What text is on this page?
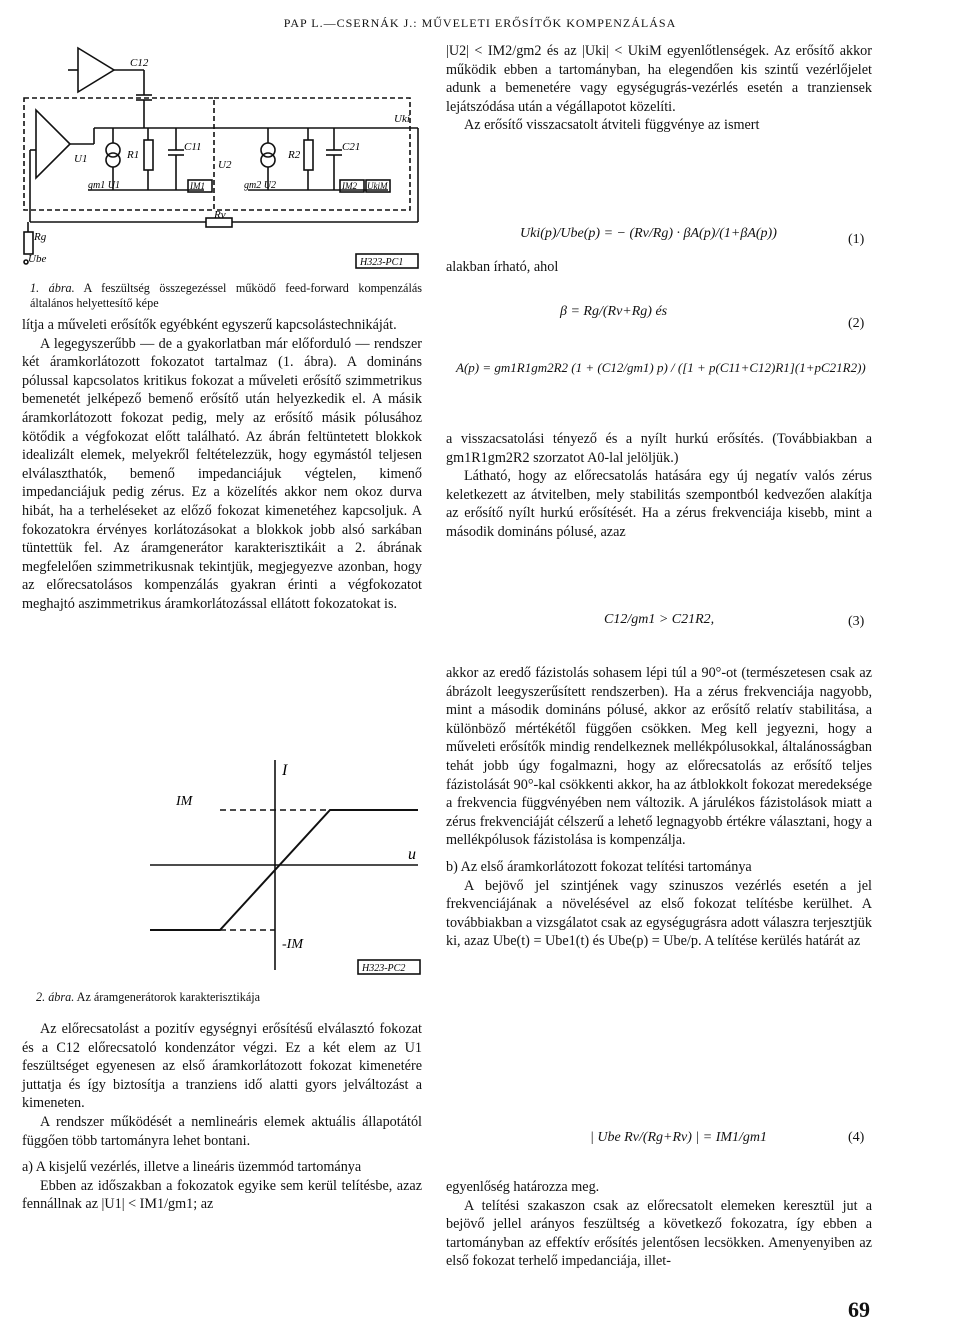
PAP L.—CSERNÁK J.: MŰVELETI ERŐSÍTŐK KOMPENZÁLÁSA
C12
Rg
Ube
Rv
U1	R1
C11
U2
R2
C21
Uki
gm1 U1	IM1	gm2 U2	IM2 UkiM
H323-PC1
1. ábra. A feszültség összegezéssel működő feed-forward kompenzálás általános helyettesítő képe

lítja a műveleti erősítők egyébként egyszerű kapcsolástechnikáját.

A legegyszerűbb — de a gyakorlatban már előforduló — rendszer két áramkorlátozott fokozatot tartalmaz (1. ábra). A domináns pólussal kapcsolatos kritikus fokozat a műveleti erősítő szimmetrikus bemenetét jelképező bemenő erősítő után helyezkedik el. A másik áramkorlátozott fokozat pedig, mely az erősítő másik pólusához kötődik a végfokozat előtt található. Az ábrán feltüntetett blokkok idealizált elemek, melyekről feltételezzük, hogy egymástól teljesen elválaszthatók, bemenő impedanciájuk végtelen, kimenő impedanciájuk pedig zérus. Ez a közelítés akkor nem okoz durva hibát, ha a terheléseket az előző fokozat kimenetéhez kapcsoljuk. A fokozatokra érvényes korlátozásokat a blokkok jobb alsó sarkában tüntettük fel. Az áramgenerátor karakterisztikáit a 2. ábrának megfelelően szimmetrikusnak tekintjük, megjegyezve azonban, hogy az előrecsatolásos kompenzálás gyakran érinti a végfokozatot meghajtó aszimmetrikus áramkorlátozással ellátott fokozatokat is.

I
IM
-IM
u
H323-PC2
2. ábra. Az áramgenerátorok karakterisztikája

Az előrecsatolást a pozitív egységnyi erősítésű elválasztó fokozat és a C12 előrecsatoló kondenzátor végzi. Ez a két elem az U1 feszültséget egyenesen az első áramkorlátozott fokozat kimenetére juttatja és így biztosítja a tranziens idő alatti gyors jelváltozást a kimeneten.

A rendszer működését a nemlineáris elemek aktuális állapotától függően több tartományra lehet bontani.

a) A kisjelű vezérlés, illetve a lineáris üzemmód tartománya

Ebben az időszakban a fokozatok egyike sem kerül telítésbe, azaz fennállnak az |U1| < IM1/gm1; az

|U2| < IM2/gm2 és az |Uki| < UkiM egyenlőtlenségek. Az erősítő akkor működik ebben a tartományban, ha elegendően kis szintű vezérlőjelet adunk a bemenetére vagy egységugrás-vezérlés esetén a tranziensek lejátszódása után a végállapotot közelíti.

Az erősítő visszacsatolt átviteli függvénye az ismert

Uki(p)/Ube(p) = − (Rv/Rg) · βA(p)/(1+βA(p))	(1)
alakban írható, ahol
β = Rg/(Rv+Rg) és
(2)
A(p) = gm1R1gm2R2 (1 + (C12/gm1) p) / ([1 + p(C11+C12)R1](1+pC21R2))

a visszacsatolási tényező és a nyílt hurkú erősítés. (Továbbiakban a gm1R1gm2R2 szorzatot A0-lal jelöljük.)

Látható, hogy az előrecsatolás hatására egy új negatív valós zérus keletkezett az átvitelben, mely stabilitás szempontból kedvezően alakítja az erősítő nyílt hurkú erősítését. Ha a zérus frekvenciája kisebb, mint a második domináns pólusé, azaz

C12/gm1 > C21R2,	(3)

akkor az eredő fázistolás sohasem lépi túl a 90°-ot (természetesen csak az ábrázolt leegyszerűsített rendszerben). Ha a zérus frekvenciája nagyobb, mint a második domináns pólusé, akkor az erősítő relatív stabilitása, a különböző mértékétől függően csökken. Meg kell jegyezni, hogy a műveleti erősítők mindig rendelkeznek mellékpólusokkal, általánosságban tehát jobb úgy fogalmazni, hogy az előrecsatolás az erősítő teljes fázistolását 90°-kal csökkenti akkor, ha az átblokkolt fokozat meredeksége a frekvencia függvényében nem változik. A járulékos fázistolások miatt a zérus frekvenciáját célszerű a lehető legnagyobb értékre választani, hogy a mellékpólusok fázistolása is kompenzálja.

b) Az első áramkorlátozott fokozat telítési tartománya

A bejövő jel szintjének vagy szinuszos vezérlés esetén a jel frekvenciájának a növelésével az első fokozat telítésbe kerülhet. A továbbiakban a vizsgálatot csak az egységugrásra adott válaszra terjesztjük ki, azaz Ube(t) = Ube1(t) és Ube(p) = Ube/p. A telítése kerülés határát az

| Ube Rv/(Rg+Rv) | = IM1/gm1	(4)

egyenlőség határozza meg.

A telítési szakaszon csak az előrecsatolt elemeken keresztül jut a bejövő jellel arányos feszültség a következő fokozatra, így ebben a tartományban az effektív erősítés jelentősen lecsökken. Amenyenyiben az első fokozat terhelő impedanciája, illet-

69
